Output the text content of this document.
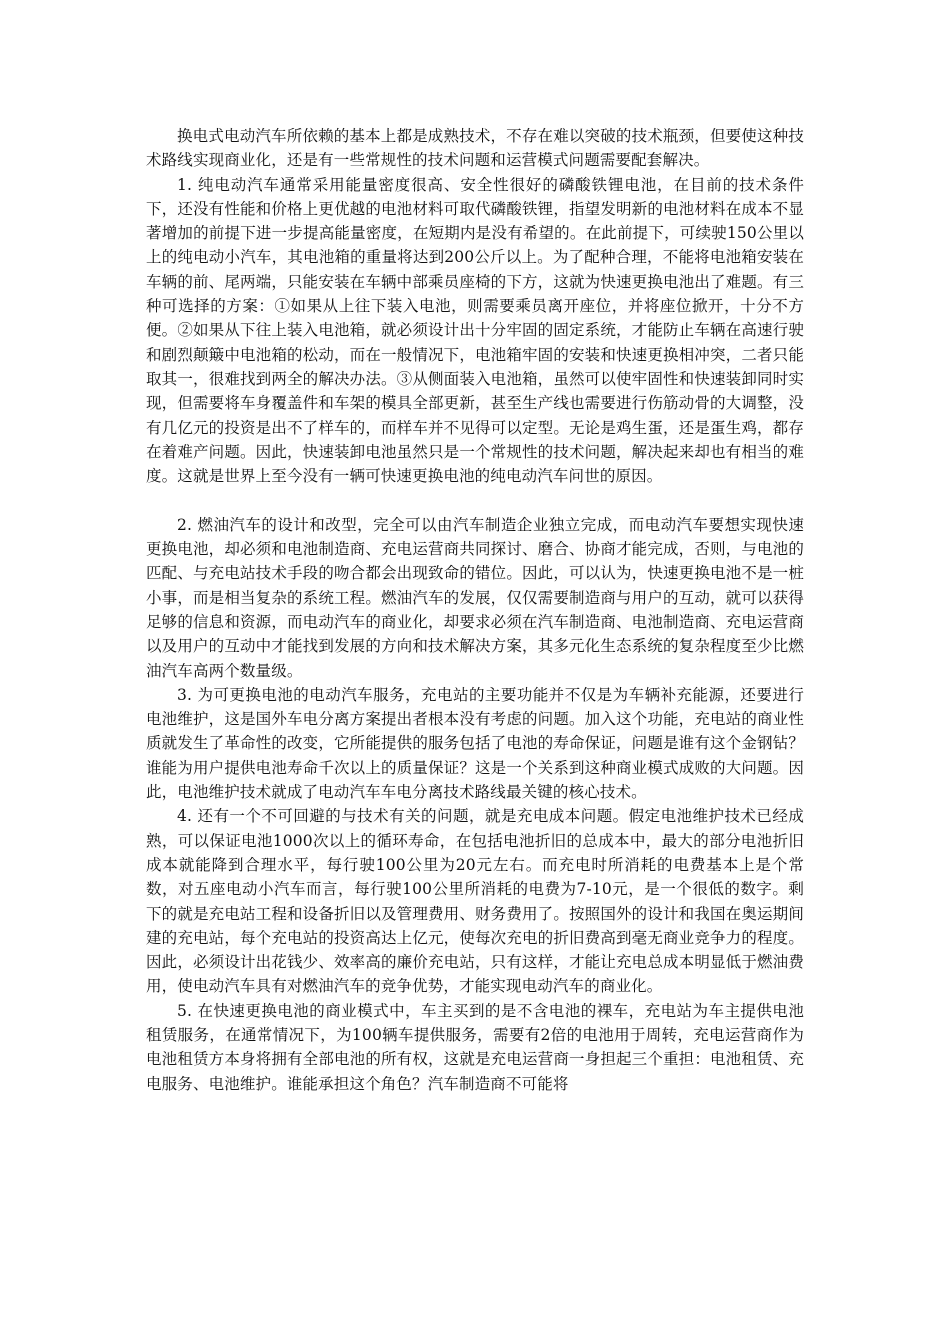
换电式电动汽车所依赖的基本上都是成熟技术，不存在难以突破的技术瓶颈，但要使这种技术路线实现商业化，还是有一些常规性的技术问题和运营模式问题需要配套解决。

1. 纯电动汽车通常采用能量密度很高、安全性很好的磷酸铁锂电池，在目前的技术条件下，还没有性能和价格上更优越的电池材料可取代磷酸铁锂，指望发明新的电池材料在成本不显著增加的前提下进一步提高能量密度，在短期内是没有希望的。在此前提下，可续驶150公里以上的纯电动小汽车，其电池箱的重量将达到200公斤以上。为了配种合理，不能将电池箱安装在车辆的前、尾两端，只能安装在车辆中部乘员座椅的下方，这就为快速更换电池出了难题。有三种可选择的方案：①如果从上往下装入电池，则需要乘员离开座位，并将座位掀开，十分不方便。②如果从下往上装入电池箱，就必须设计出十分牢固的固定系统，才能防止车辆在高速行驶和剧烈颠簸中电池箱的松动，而在一般情况下，电池箱牢固的安装和快速更换相冲突，二者只能取其一，很难找到两全的解决办法。③从侧面装入电池箱，虽然可以使牢固性和快速装卸同时实现，但需要将车身覆盖件和车架的模具全部更新，甚至生产线也需要进行伤筋动骨的大调整，没有几亿元的投资是出不了样车的，而样车并不见得可以定型。无论是鸡生蛋，还是蛋生鸡，都存在着难产问题。因此，快速装卸电池虽然只是一个常规性的技术问题，解决起来却也有相当的难度。这就是世界上至今没有一辆可快速更换电池的纯电动汽车问世的原因。

2. 燃油汽车的设计和改型，完全可以由汽车制造企业独立完成，而电动汽车要想实现快速更换电池，却必须和电池制造商、充电运营商共同探讨、磨合、协商才能完成，否则，与电池的匹配、与充电站技术手段的吻合都会出现致命的错位。因此，可以认为，快速更换电池不是一桩小事，而是相当复杂的系统工程。燃油汽车的发展，仅仅需要制造商与用户的互动，就可以获得足够的信息和资源，而电动汽车的商业化，却要求必须在汽车制造商、电池制造商、充电运营商以及用户的互动中才能找到发展的方向和技术解决方案，其多元化生态系统的复杂程度至少比燃油汽车高两个数量级。

3. 为可更换电池的电动汽车服务，充电站的主要功能并不仅是为车辆补充能源，还要进行电池维护，这是国外车电分离方案提出者根本没有考虑的问题。加入这个功能，充电站的商业性质就发生了革命性的改变，它所能提供的服务包括了电池的寿命保证，问题是谁有这个金钢钻？谁能为用户提供电池寿命千次以上的质量保证？这是一个关系到这种商业模式成败的大问题。因此，电池维护技术就成了电动汽车车电分离技术路线最关键的核心技术。

4. 还有一个不可回避的与技术有关的问题，就是充电成本问题。假定电池维护技术已经成熟，可以保证电池1000次以上的循环寿命，在包括电池折旧的总成本中，最大的部分电池折旧成本就能降到合理水平，每行驶100公里为20元左右。而充电时所消耗的电费基本上是个常数，对五座电动小汽车而言，每行驶100公里所消耗的电费为7-10元，是一个很低的数字。剩下的就是充电站工程和设备折旧以及管理费用、财务费用了。按照国外的设计和我国在奥运期间建的充电站，每个充电站的投资高达上亿元，使每次充电的折旧费高到毫无商业竞争力的程度。因此，必须设计出花钱少、效率高的廉价充电站，只有这样，才能让充电总成本明显低于燃油费用，使电动汽车具有对燃油汽车的竞争优势，才能实现电动汽车的商业化。

5. 在快速更换电池的商业模式中，车主买到的是不含电池的裸车，充电站为车主提供电池租赁服务，在通常情况下，为100辆车提供服务，需要有2倍的电池用于周转，充电运营商作为电池租赁方本身将拥有全部电池的所有权，这就是充电运营商一身担起三个重担：电池租赁、充电服务、电池维护。谁能承担这个角色？汽车制造商不可能将
